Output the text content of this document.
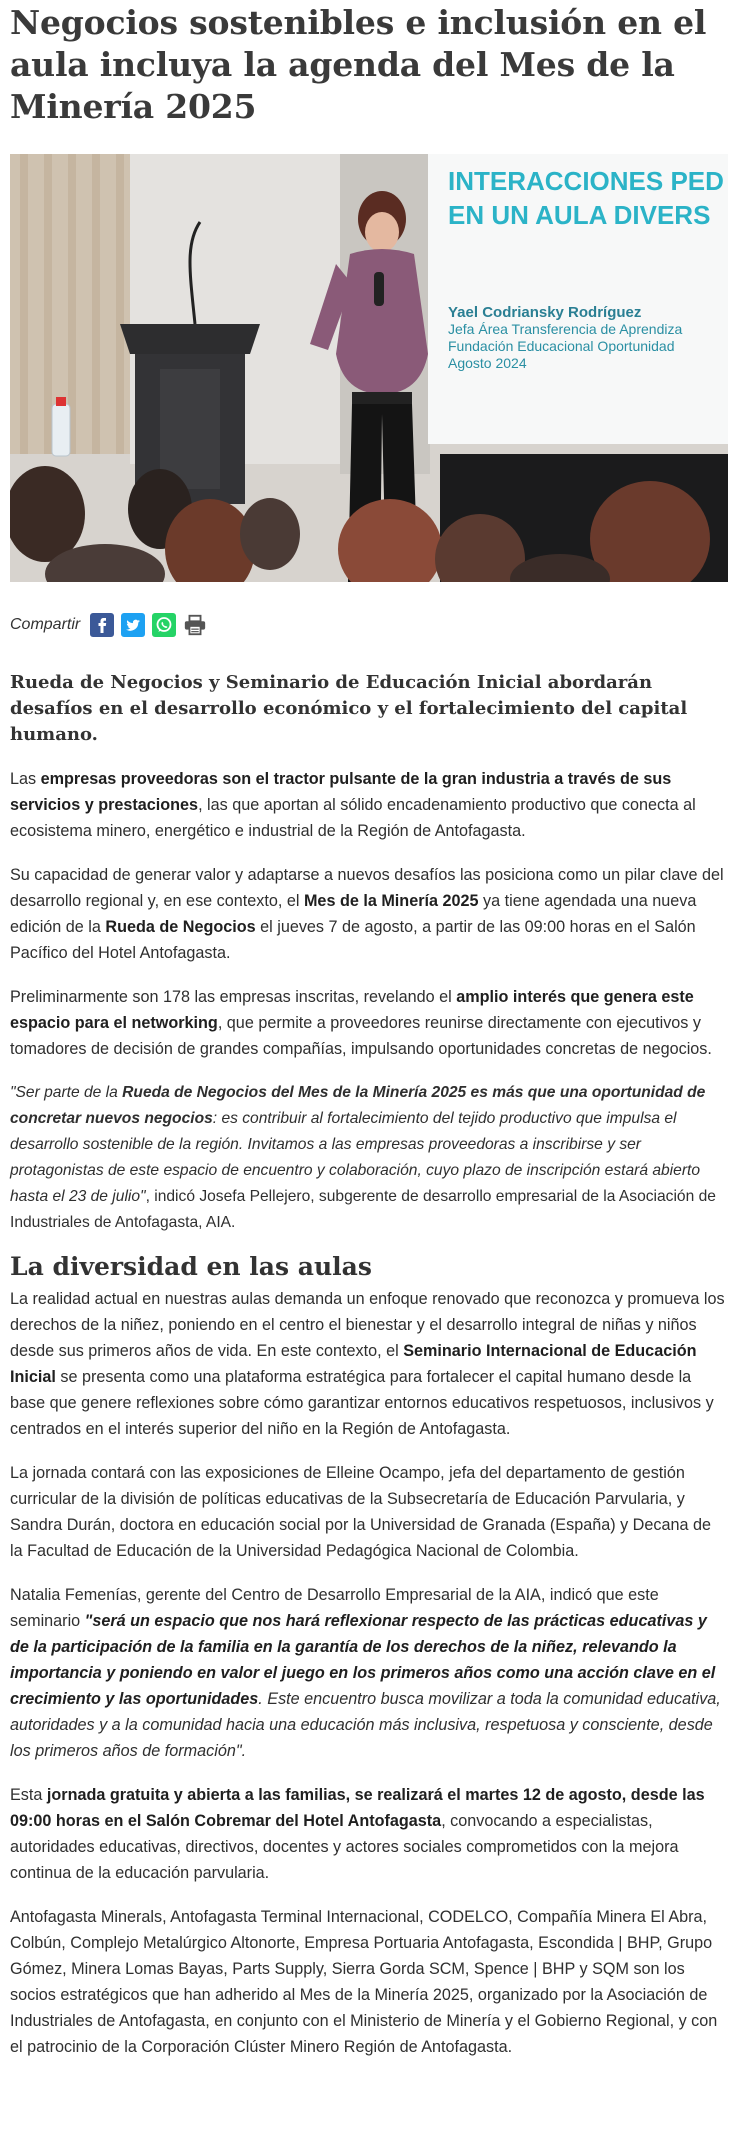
Negocios sostenibles e inclusión en el aula incluya la agenda del Mes de la Minería 2025
INTERACCIONES PED
EN UN AULA DIVERS
Yael Codriansky Rodríguez
Jefa Área Transferencia de Aprendiza
Fundación Educacional Oportunidad
Agosto 2024
Compartir

Rueda de Negocios y Seminario de Educación Inicial abordarán desafíos en el desarrollo económico y el fortalecimiento del capital humano.

Las empresas proveedoras son el tractor pulsante de la gran industria a través de sus servicios y prestaciones, las que aportan al sólido encadenamiento productivo que conecta al ecosistema minero, energético e industrial de la Región de Antofagasta.

Su capacidad de generar valor y adaptarse a nuevos desafíos las posiciona como un pilar clave del desarrollo regional y, en ese contexto, el Mes de la Minería 2025 ya tiene agendada una nueva edición de la Rueda de Negocios el jueves 7 de agosto, a partir de las 09:00 horas en el Salón Pacífico del Hotel Antofagasta.

Preliminarmente son 178 las empresas inscritas, revelando el amplio interés que genera este espacio para el networking, que permite a proveedores reunirse directamente con ejecutivos y tomadores de decisión de grandes compañías, impulsando oportunidades concretas de negocios.

"Ser parte de la Rueda de Negocios del Mes de la Minería 2025 es más que una oportunidad de concretar nuevos negocios: es contribuir al fortalecimiento del tejido productivo que impulsa el desarrollo sostenible de la región. Invitamos a las empresas proveedoras a inscribirse y ser protagonistas de este espacio de encuentro y colaboración, cuyo plazo de inscripción estará abierto hasta el 23 de julio", indicó Josefa Pellejero, subgerente de desarrollo empresarial de la Asociación de Industriales de Antofagasta, AIA.

La diversidad en las aulas

La realidad actual en nuestras aulas demanda un enfoque renovado que reconozca y promueva los derechos de la niñez, poniendo en el centro el bienestar y el desarrollo integral de niñas y niños desde sus primeros años de vida. En este contexto, el Seminario Internacional de Educación Inicial se presenta como una plataforma estratégica para fortalecer el capital humano desde la base que genere reflexiones sobre cómo garantizar entornos educativos respetuosos, inclusivos y centrados en el interés superior del niño en la Región de Antofagasta.

La jornada contará con las exposiciones de Elleine Ocampo, jefa del departamento de gestión curricular de la división de políticas educativas de la Subsecretaría de Educación Parvularia, y Sandra Durán, doctora en educación social por la Universidad de Granada (España) y Decana de la Facultad de Educación de la Universidad Pedagógica Nacional de Colombia.

Natalia Femenías, gerente del Centro de Desarrollo Empresarial de la AIA, indicó que este seminario "será un espacio que nos hará reflexionar respecto de las prácticas educativas y de la participación de la familia en la garantía de los derechos de la niñez, relevando la importancia y poniendo en valor el juego en los primeros años como una acción clave en el crecimiento y las oportunidades. Este encuentro busca movilizar a toda la comunidad educativa, autoridades y a la comunidad hacia una educación más inclusiva, respetuosa y consciente, desde los primeros años de formación".

Esta jornada gratuita y abierta a las familias, se realizará el martes 12 de agosto, desde las 09:00 horas en el Salón Cobremar del Hotel Antofagasta, convocando a especialistas, autoridades educativas, directivos, docentes y actores sociales comprometidos con la mejora continua de la educación parvularia.

Antofagasta Minerals, Antofagasta Terminal Internacional, CODELCO, Compañía Minera El Abra, Colbún, Complejo Metalúrgico Altonorte, Empresa Portuaria Antofagasta, Escondida | BHP, Grupo Gómez, Minera Lomas Bayas, Parts Supply, Sierra Gorda SCM, Spence | BHP y SQM son los socios estratégicos que han adherido al Mes de la Minería 2025, organizado por la Asociación de Industriales de Antofagasta, en conjunto con el Ministerio de Minería y el Gobierno Regional, y con el patrocinio de la Corporación Clúster Minero Región de Antofagasta.
